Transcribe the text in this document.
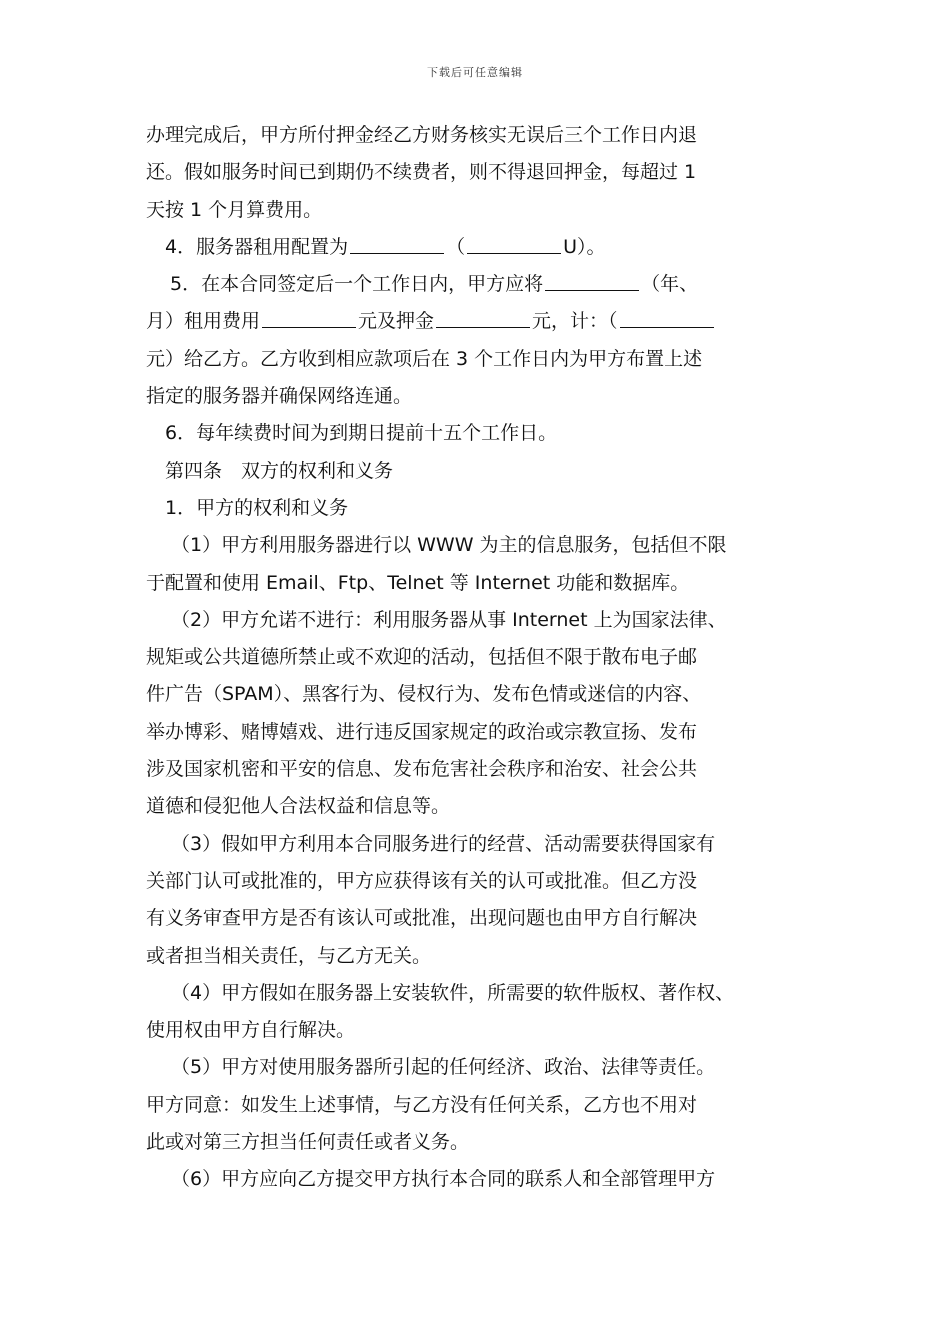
下载后可任意编辑
办理完成后，甲方所付押金经乙方财务核实无误后三个工作日内退
还。假如服务时间已到期仍不续费者，则不得退回押金，每超过 1
天按 1 个月算费用。
4．服务器租用配置为	（	U）。
5．在本合同签定后一个工作日内，甲方应将	（年、
月）租用费用	元及押金	元，计：（
元）给乙方。乙方收到相应款项后在 3 个工作日内为甲方布置上述
指定的服务器并确保网络连通。
6．每年续费时间为到期日提前十五个工作日。
第四条　双方的权利和义务
1．甲方的权利和义务
（1）甲方利用服务器进行以 WWW 为主的信息服务，包括但不限
于配置和使用 Email、Ftp、Telnet 等 Internet 功能和数据库。
（2）甲方允诺不进行：利用服务器从事 Internet 上为国家法律、
规矩或公共道德所禁止或不欢迎的活动，包括但不限于散布电子邮
件广告（SPAM）、黑客行为、侵权行为、发布色情或迷信的内容、
举办博彩、赌博嬉戏、进行违反国家规定的政治或宗教宣扬、发布
涉及国家机密和平安的信息、发布危害社会秩序和治安、社会公共
道德和侵犯他人合法权益和信息等。
（3）假如甲方利用本合同服务进行的经营、活动需要获得国家有
关部门认可或批准的，甲方应获得该有关的认可或批准。但乙方没
有义务审查甲方是否有该认可或批准，出现问题也由甲方自行解决
或者担当相关责任，与乙方无关。
（4）甲方假如在服务器上安装软件，所需要的软件版权、著作权、
使用权由甲方自行解决。
（5）甲方对使用服务器所引起的任何经济、政治、法律等责任。
甲方同意：如发生上述事情，与乙方没有任何关系，乙方也不用对
此或对第三方担当任何责任或者义务。
（6）甲方应向乙方提交甲方执行本合同的联系人和全部管理甲方
